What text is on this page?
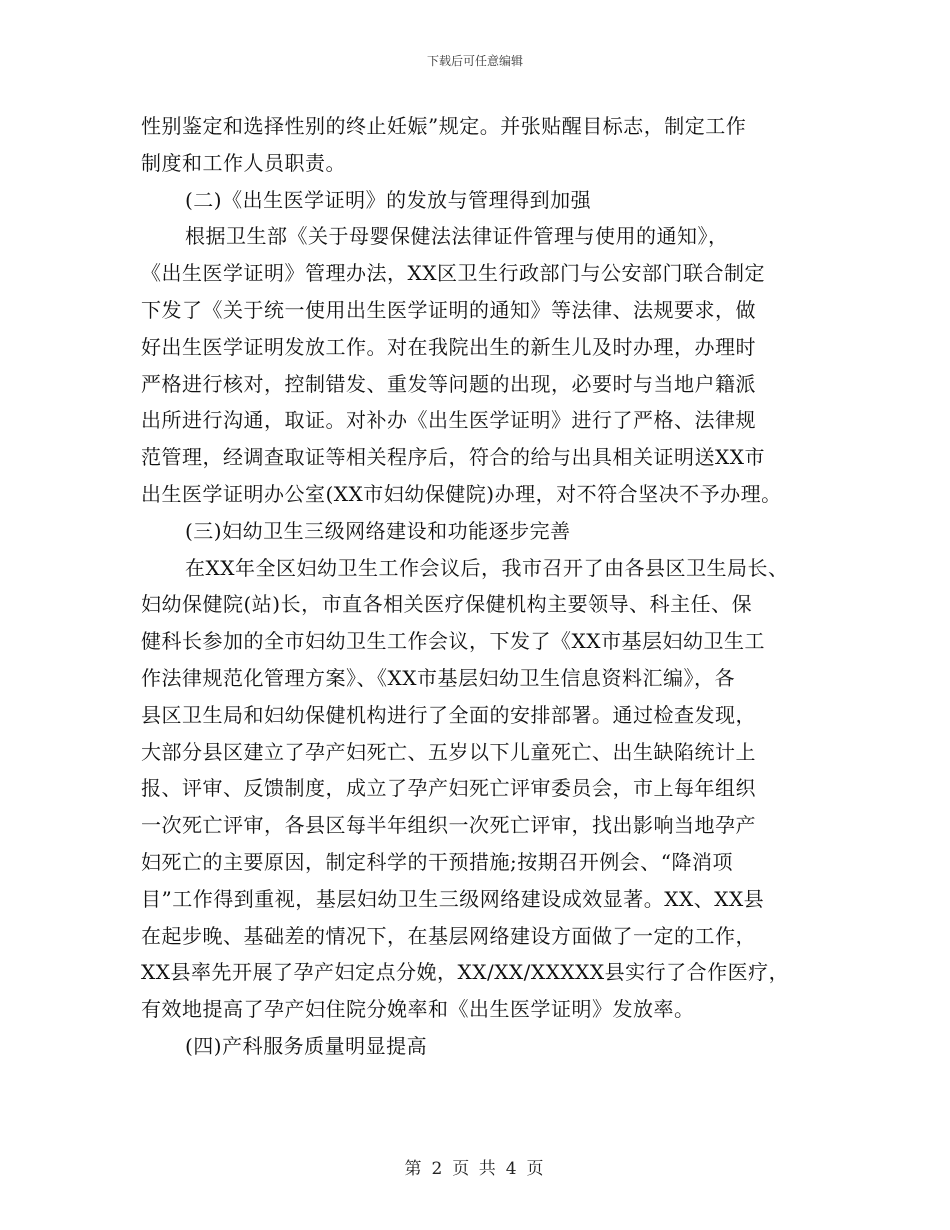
下载后可任意编辑
性别鉴定和选择性别的终止妊娠”规定。并张贴醒目标志，制定工作
制度和工作人员职责。
(二)《出生医学证明》的发放与管理得到加强
根据卫生部《关于母婴保健法法律证件管理与使用的通知》，
《出生医学证明》管理办法，XX区卫生行政部门与公安部门联合制定
下发了《关于统一使用出生医学证明的通知》等法律、法规要求，做
好出生医学证明发放工作。对在我院出生的新生儿及时办理，办理时
严格进行核对，控制错发、重发等问题的出现，必要时与当地户籍派
出所进行沟通，取证。对补办《出生医学证明》进行了严格、法律规
范管理，经调查取证等相关程序后，符合的给与出具相关证明送XX市
出生医学证明办公室(XX市妇幼保健院)办理，对不符合坚决不予办理。
(三)妇幼卫生三级网络建设和功能逐步完善
在XX年全区妇幼卫生工作会议后，我市召开了由各县区卫生局长、
妇幼保健院(站)长，市直各相关医疗保健机构主要领导、科主任、保
健科长参加的全市妇幼卫生工作会议，下发了《XX市基层妇幼卫生工
作法律规范化管理方案》、《XX市基层妇幼卫生信息资料汇编》，各
县区卫生局和妇幼保健机构进行了全面的安排部署。通过检查发现，
大部分县区建立了孕产妇死亡、五岁以下儿童死亡、出生缺陷统计上
报、评审、反馈制度，成立了孕产妇死亡评审委员会，市上每年组织
一次死亡评审，各县区每半年组织一次死亡评审，找出影响当地孕产
妇死亡的主要原因，制定科学的干预措施;按期召开例会、“降消项
目”工作得到重视，基层妇幼卫生三级网络建设成效显著。XX、XX县
在起步晚、基础差的情况下，在基层网络建设方面做了一定的工作，
XX县率先开展了孕产妇定点分娩，XX/XX/XXXXX县实行了合作医疗，
有效地提高了孕产妇住院分娩率和《出生医学证明》发放率。
(四)产科服务质量明显提高
第 2 页 共 4 页
